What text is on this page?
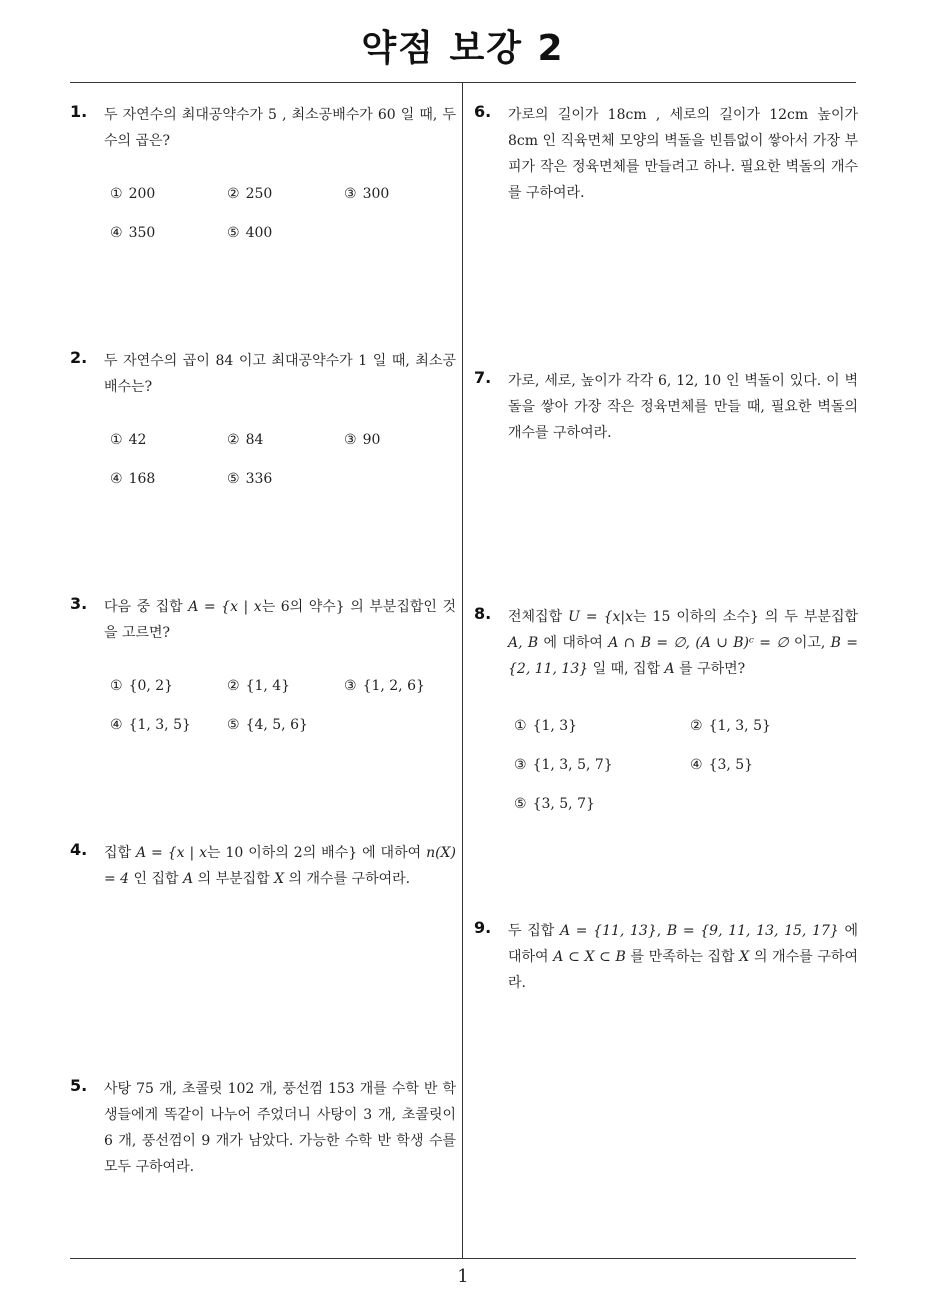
약점 보강 2
1. 두 자연수의 최대공약수가 5 , 최소공배수가 60 일 때, 두 수의 곱은?
① 200	② 250	③ 300
④ 350	⑤ 400
2. 두 자연수의 곱이 84 이고 최대공약수가 1 일 때, 최소공배수는?
① 42	② 84	③ 90
④ 168	⑤ 336
3. 다음 중 집합 A = {x | x는 6의 약수} 의 부분집합인 것을 고르면?
① {0, 2}	② {1, 4}	③ {1, 2, 6}
④ {1, 3, 5}	⑤ {4, 5, 6}
4. 집합 A = {x | x는 10 이하의 2의 배수} 에 대하여 n(X) = 4 인 집합 A 의 부분집합 X 의 개수를 구하여라.
5. 사탕 75 개, 초콜릿 102 개, 풍선껌 153 개를 수학 반 학생들에게 똑같이 나누어 주었더니 사탕이 3 개, 초콜릿이 6 개, 풍선껌이 9 개가 남았다. 가능한 수학 반 학생 수를 모두 구하여라.
6. 가로의 길이가 18cm , 세로의 길이가 12cm 높이가 8cm 인 직육면체 모양의 벽돌을 빈틈없이 쌓아서 가장 부피가 작은 정육면체를 만들려고 하나. 필요한 벽돌의 개수를 구하여라.
7. 가로, 세로, 높이가 각각 6, 12, 10 인 벽돌이 있다. 이 벽돌을 쌓아 가장 작은 정육면체를 만들 때, 필요한 벽돌의 개수를 구하여라.
8. 전체집합 U = {x|x는 15 이하의 소수} 의 두 부분집합 A, B 에 대하여 A ∩ B = ∅, (A ∪ B)ᶜ = ∅ 이고, B = {2, 11, 13} 일 때, 집합 A 를 구하면?
① {1, 3}	② {1, 3, 5}
③ {1, 3, 5, 7}	④ {3, 5}
⑤ {3, 5, 7}
9. 두 집합 A = {11, 13}, B = {9, 11, 13, 15, 17} 에 대하여 A ⊂ X ⊂ B 를 만족하는 집합 X 의 개수를 구하여라.
1
